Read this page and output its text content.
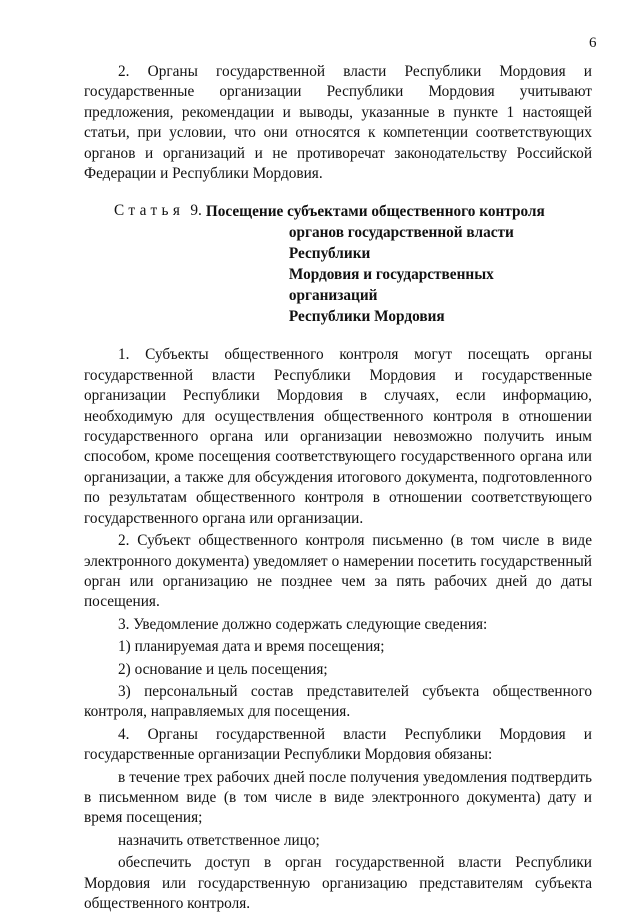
6

2. Органы государственной власти Республики Мордовия и государственные организации Республики Мордовия учитывают предложения, рекомендации и выводы, указанные в пункте 1 настоящей статьи, при условии, что они относятся к компетенции соответствующих органов и организаций и не противоречат законодательству Российской Федерации и Республики Мордовия.

Статья 9. Посещение субъектами общественного контроля
органов государственной власти Республики
Мордовия и государственных организаций
Республики Мордовия

1. Субъекты общественного контроля могут посещать органы государственной власти Республики Мордовия и государственные организации Республики Мордовия в случаях, если информацию, необходимую для осуществления общественного контроля в отношении государственного органа или организации невозможно получить иным способом, кроме посещения соответствующего государственного органа или организации, а также для обсуждения итогового документа, подготовленного по результатам общественного контроля в отношении соответствующего государственного органа или организации.

2. Субъект общественного контроля письменно (в том числе в виде электронного документа) уведомляет о намерении посетить государственный орган или организацию не позднее чем за пять рабочих дней до даты посещения.

3. Уведомление должно содержать следующие сведения:

1) планируемая дата и время посещения;

2) основание и цель посещения;

3) персональный состав представителей субъекта общественного контроля, направляемых для посещения.

4. Органы государственной власти Республики Мордовия и государственные организации Республики Мордовия обязаны:

в течение трех рабочих дней после получения уведомления подтвердить в письменном виде (в том числе в виде электронного документа) дату и время посещения;

назначить ответственное лицо;

обеспечить доступ в орган государственной власти Республики Мордовия или государственную организацию представителям субъекта общественного контроля.
